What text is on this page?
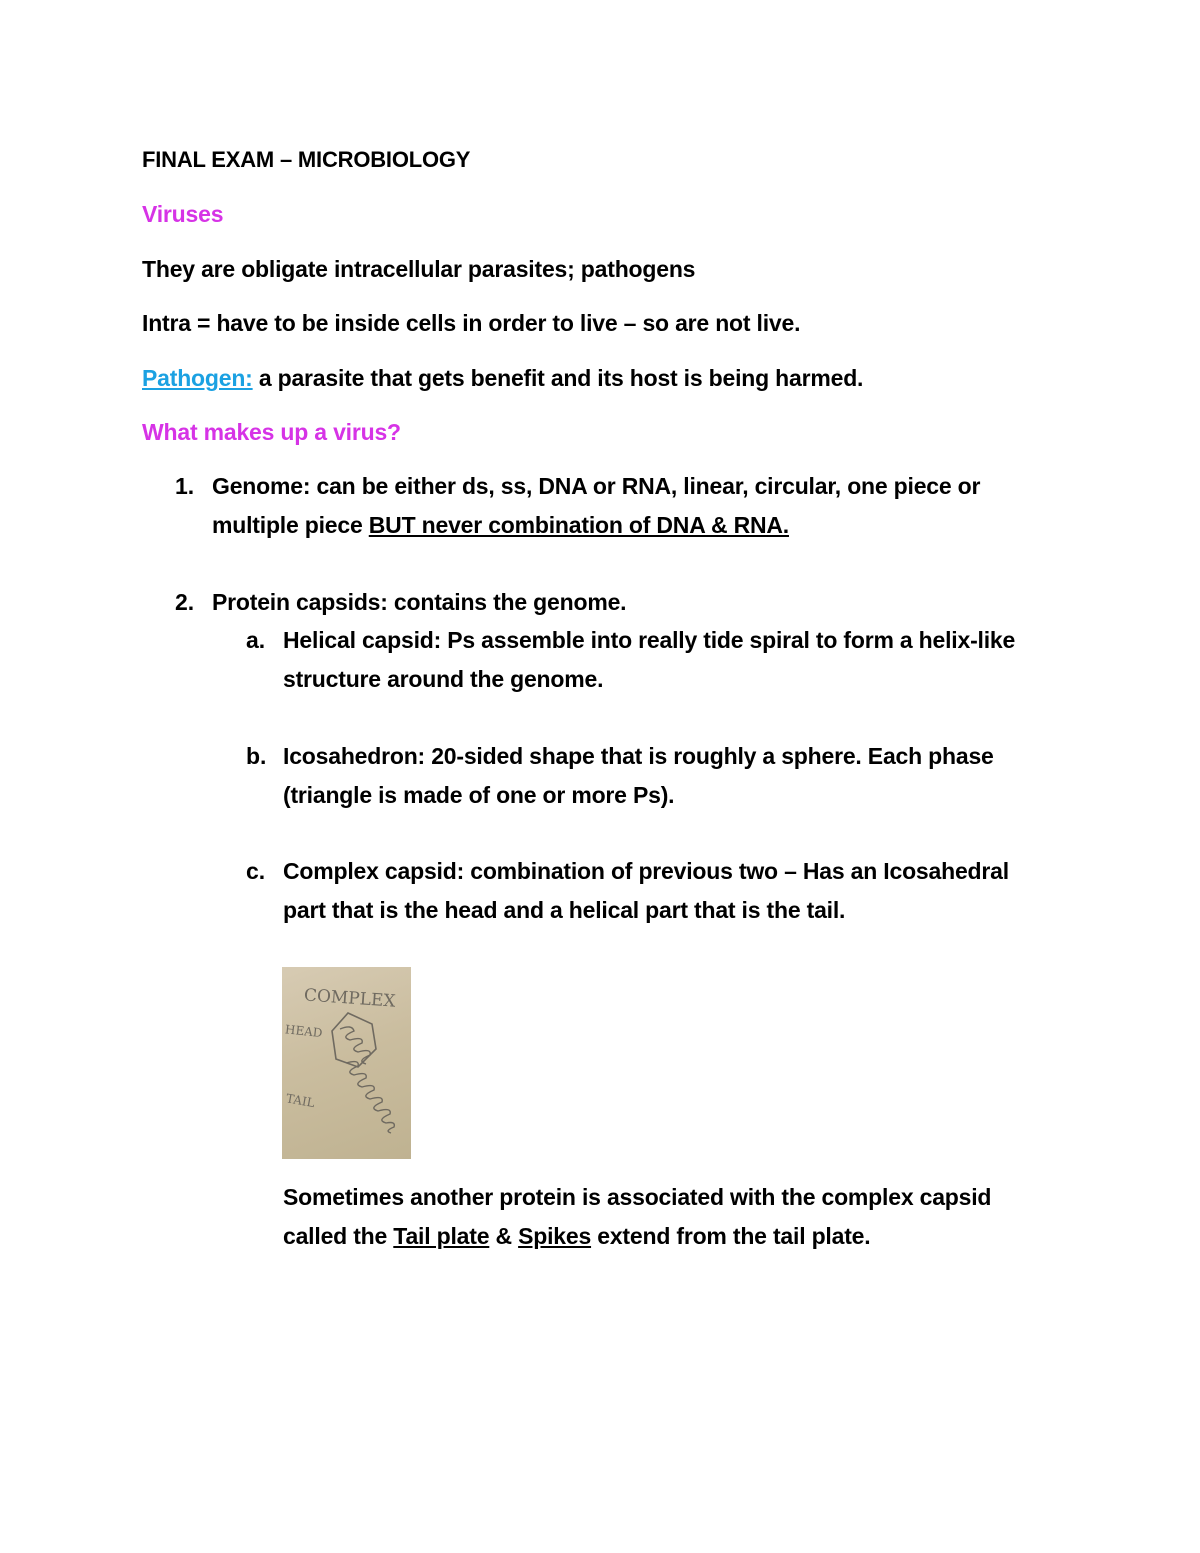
FINAL EXAM – MICROBIOLOGY
Viruses
They are obligate intracellular parasites; pathogens
Intra = have to be inside cells in order to live – so are not live.
Pathogen: a parasite that gets benefit and its host is being harmed.
What makes up a virus?
1. Genome: can be either ds, ss, DNA or RNA, linear, circular, one piece or
multiple piece BUT never combination of DNA & RNA.
2. Protein capsids: contains the genome.
a. Helical capsid: Ps assemble into really tide spiral to form a helix-like
structure around the genome.
b. Icosahedron: 20-sided shape that is roughly a sphere. Each phase
(triangle is made of one or more Ps).
c. Complex capsid: combination of previous two – Has an Icosahedral
part that is the head and a helical part that is the tail.
COMPLEX
HEAD
TAIL
Sometimes another protein is associated with the complex capsid
called the Tail plate & Spikes extend from the tail plate.
